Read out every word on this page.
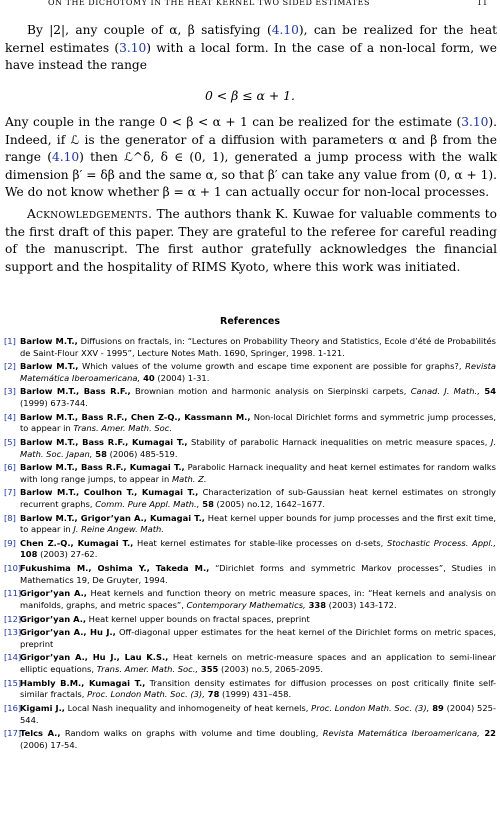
ON THE DICHOTOMY IN THE HEAT KERNEL TWO SIDED ESTIMATES	11

By |2|, any couple of α, β satisfying (4.10), can be realized for the heat kernel estimates (3.10) with a local form. In the case of a non-local form, we have instead the range

0 < β ≤ α + 1.

Any couple in the range 0 < β < α + 1 can be realized for the estimate (3.10). Indeed, if ℒ is the generator of a diffusion with parameters α and β from the range (4.10) then ℒ^δ, δ ∈ (0, 1), generated a jump process with the walk dimension β′ = δβ and the same α, so that β′ can take any value from (0, α + 1). We do not know whether β = α + 1 can actually occur for non-local processes.

Acknowledgements. The authors thank K. Kuwae for valuable comments to the first draft of this paper. They are grateful to the referee for careful reading of the manuscript. The first author gratefully acknowledges the financial support and the hospitality of RIMS Kyoto, where this work was initiated.

References
[1] Barlow M.T., Diffusions on fractals, in: “Lectures on Probability Theory and Statistics, Ecole d’été de Probabilités de Saint-Flour XXV - 1995”, Lecture Notes Math. 1690, Springer, 1998. 1-121.
[2] Barlow M.T., Which values of the volume growth and escape time exponent are possible for graphs?, Revista Matemática Iberoamericana, 40 (2004) 1-31.
[3] Barlow M.T., Bass R.F., Brownian motion and harmonic analysis on Sierpinski carpets, Canad. J. Math., 54 (1999) 673-744.
[4] Barlow M.T., Bass R.F., Chen Z-Q., Kassmann M., Non-local Dirichlet forms and symmetric jump processes, to appear in Trans. Amer. Math. Soc.
[5] Barlow M.T., Bass R.F., Kumagai T., Stability of parabolic Harnack inequalities on metric measure spaces, J. Math. Soc. Japan, 58 (2006) 485-519.
[6] Barlow M.T., Bass R.F., Kumagai T., Parabolic Harnack inequality and heat kernel estimates for random walks with long range jumps, to appear in Math. Z.
[7] Barlow M.T., Coulhon T., Kumagai T., Characterization of sub-Gaussian heat kernel estimates on strongly recurrent graphs, Comm. Pure Appl. Math., 58 (2005) no.12, 1642–1677.
[8] Barlow M.T., Grigor’yan A., Kumagai T., Heat kernel upper bounds for jump processes and the first exit time, to appear in J. Reine Angew. Math.
[9] Chen Z.-Q., Kumagai T., Heat kernel estimates for stable-like processes on d-sets, Stochastic Process. Appl., 108 (2003) 27-62.
[10]
Fukushima M., Oshima Y., Takeda M., “Dirichlet forms and symmetric Markov processes”, Studies in Mathematics 19, De Gruyter, 1994.
[11]
Grigor’yan A., Heat kernels and function theory on metric measure spaces, in: “Heat kernels and analysis on manifolds, graphs, and metric spaces”, Contemporary Mathematics, 338 (2003) 143-172.
[12]
Grigor’yan A., Heat kernel upper bounds on fractal spaces, preprint
[13]
Grigor’yan A., Hu J., Off-diagonal upper estimates for the heat kernel of the Dirichlet forms on metric spaces, preprint
[14]
Grigor’yan A., Hu J., Lau K.S., Heat kernels on metric-measure spaces and an application to semi-linear elliptic equations, Trans. Amer. Math. Soc., 355 (2003) no.5, 2065-2095.
[15]
Hambly B.M., Kumagai T., Transition density estimates for diffusion processes on post critically finite self-similar fractals, Proc. London Math. Soc. (3), 78 (1999) 431–458.
[16]
Kigami J., Local Nash inequality and inhomogeneity of heat kernels, Proc. London Math. Soc. (3), 89 (2004) 525-544.
[17]
Telcs A., Random walks on graphs with volume and time doubling, Revista Matemática Iberoamericana, 22 (2006) 17-54.
